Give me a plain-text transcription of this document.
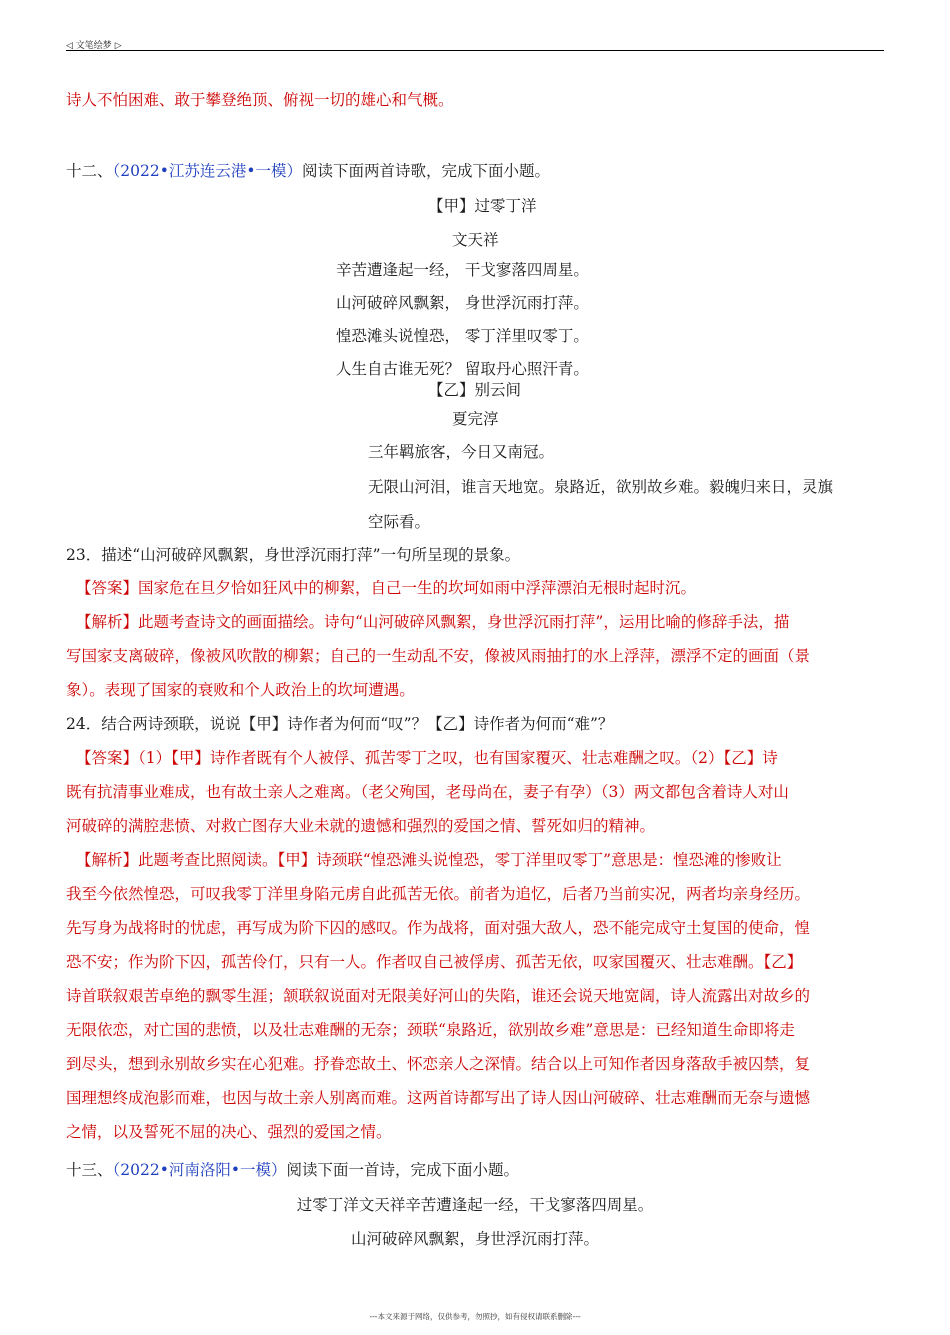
◁ 文笔绘梦 ▷
诗人不怕困难、敢于攀登绝顶、俯视一切的雄心和气概。
十二、（2022•江苏连云港•一模）阅读下面两首诗歌，完成下面小题。
【甲】过零丁洋
文天祥
辛苦遭逢起一经， 干戈寥落四周星。
山河破碎风飘絮， 身世浮沉雨打萍。
惶恐滩头说惶恐， 零丁洋里叹零丁。
人生自古谁无死？ 留取丹心照汗青。
【乙】别云间
夏完淳
三年羁旅客，今日又南冠。
无限山河泪，谁言天地宽。泉路近，欲别故乡难。毅魄归来日，灵旗
空际看。
23．描述“山河破碎风飘絮，身世浮沉雨打萍”一句所呈现的景象。
【答案】国家危在旦夕恰如狂风中的柳絮，自己一生的坎坷如雨中浮萍漂泊无根时起时沉。
【解析】此题考查诗文的画面描绘。诗句“山河破碎风飘絮，身世浮沉雨打萍”，运用比喻的修辞手法，描
写国家支离破碎，像被风吹散的柳絮；自己的一生动乱不安，像被风雨抽打的水上浮萍，漂浮不定的画面（景
象）。表现了国家的衰败和个人政治上的坎坷遭遇。
24．结合两诗颈联，说说【甲】诗作者为何而“叹”？【乙】诗作者为何而“难”？
【答案】（1）【甲】诗作者既有个人被俘、孤苦零丁之叹，也有国家覆灭、壮志难酬之叹。（2）【乙】诗
既有抗清事业难成，也有故土亲人之难离。（老父殉国，老母尚在，妻子有孕）（3）两文都包含着诗人对山
河破碎的满腔悲愤、对救亡图存大业未就的遗憾和强烈的爱国之情、誓死如归的精神。
【解析】此题考查比照阅读。【甲】诗颈联“惶恐滩头说惶恐，零丁洋里叹零丁”意思是：惶恐滩的惨败让
我至今依然惶恐，可叹我零丁洋里身陷元虏自此孤苦无依。前者为追忆，后者乃当前实况，两者均亲身经历。
先写身为战将时的忧虑，再写成为阶下囚的感叹。作为战将，面对强大敌人，恐不能完成守土复国的使命，惶
恐不安；作为阶下囚，孤苦伶仃，只有一人。作者叹自己被俘虏、孤苦无依，叹家国覆灭、壮志难酬。【乙】
诗首联叙艰苦卓绝的飘零生涯；颔联叙说面对无限美好河山的失陷，谁还会说天地宽阔，诗人流露出对故乡的
无限依恋，对亡国的悲愤，以及壮志难酬的无奈；颈联“泉路近，欲别故乡难”意思是：已经知道生命即将走
到尽头，想到永别故乡实在心犯难。抒眷恋故土、怀恋亲人之深情。结合以上可知作者因身落敌手被囚禁，复
国理想终成泡影而难，也因与故土亲人别离而难。这两首诗都写出了诗人因山河破碎、壮志难酬而无奈与遗憾
之情，以及誓死不屈的决心、强烈的爱国之情。
十三、（2022•河南洛阳•一模）阅读下面一首诗，完成下面小题。
过零丁洋文天祥辛苦遭逢起一经，干戈寥落四周星。
山河破碎风飘絮，身世浮沉雨打萍。
---本文来源于网络，仅供参考，勿照抄，如有侵权请联系删除---
